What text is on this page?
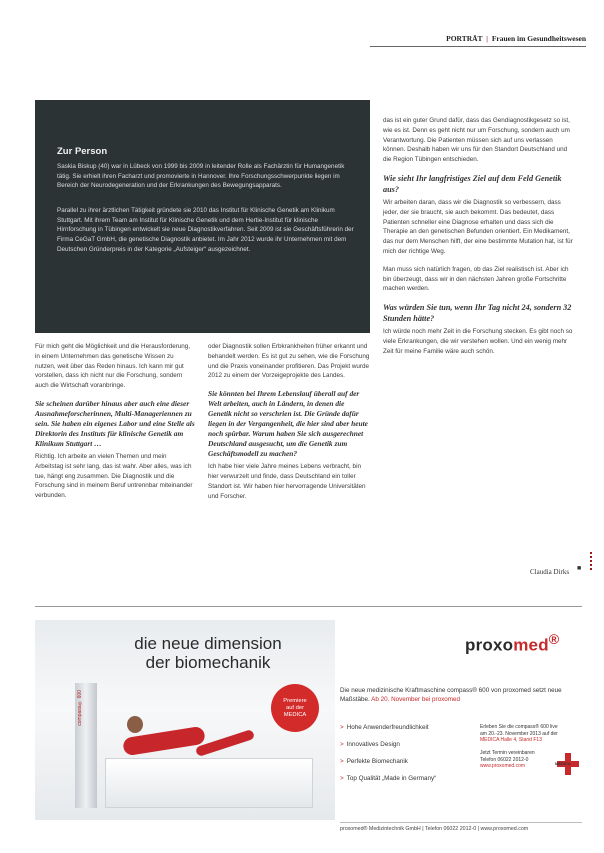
PORTRÄT | Frauen im Gesundheitswesen
Zur Person

Saskia Biskup (40) war in Lübeck von 1999 bis 2009 in leitender Rolle als Fachärztin für Humangenetik tätig. Sie erhielt ihren Facharzt und promovierte in Hannover. Ihre Forschungsschwerpunkte liegen im Bereich der Neurodegeneration und der Erkrankungen des Bewegungsapparats.

Parallel zu ihrer ärztlichen Tätigkeit gründete sie 2010 das Institut für Klinische Genetik am Klinikum Stuttgart. Mit ihrem Team am Institut für Klinische Genetik und dem Hertie-Institut für klinische Hirnforschung in Tübingen entwickelt sie neue Diagnostikverfahren. Seit 2009 ist sie Geschäftsführerin der Firma CeGaT GmbH, die genetische Diagnostik anbietet. Im Jahr 2012 wurde ihr Unternehmen mit dem Deutschen Gründerpreis in der Kategorie „Aufsteiger“ ausgezeichnet.

Für mich geht die Möglichkeit und die Herausforderung, in einem Unternehmen das genetische Wissen zu nutzen, weit über das Reden hinaus. Ich kann mir gut vorstellen, dass ich nicht nur die Forschung, sondern auch die Wirtschaft voranbringe.

Sie scheinen darüber hinaus aber auch eine dieser Ausnahmeforscherinnen, Multi-Manageriennen zu sein. Sie haben ein eigenes Labor und eine Stelle als Direktorin des Instituts für klinische Genetik am Klinikum Stuttgart …

Richtig. Ich arbeite an vielen Themen und mein Arbeitstag ist sehr lang, das ist wahr. Aber alles, was ich tue, hängt eng zusammen. Die Diagnostik und die Forschung sind in meinem Beruf untrennbar miteinander verbunden.

oder Diagnostik sollen Erbkrankheiten früher erkannt und behandelt werden. Es ist gut zu sehen, wie die Forschung und die Praxis voneinander profitieren. Das Projekt wurde 2012 zu einem der Vorzeigeprojekte des Landes.

Sie könnten bei Ihrem Lebenslauf überall auf der Welt arbeiten, auch in Ländern, in denen die Genetik nicht so verschrien ist. Die Gründe dafür liegen in der Vergangenheit, die hier sind aber heute noch spürbar. Warum haben Sie sich ausgerechnet Deutschland ausgesucht, um die Genetik zum Geschäftsmodell zu machen?

Ich habe hier viele Jahre meines Lebens verbracht, bin hier verwurzelt und finde, dass Deutschland ein toller Standort ist. Wir haben hier hervorragende Universitäten und Forscher.

das ist ein guter Grund dafür, dass das Gendiagnostikgesetz so ist, wie es ist. Denn es geht nicht nur um Forschung, sondern auch um Verantwortung. Die Patienten müssen sich auf uns verlassen können. Deshalb haben wir uns für den Standort Deutschland und die Region Tübingen entschieden.

Wie sieht Ihr langfristiges Ziel auf dem Feld Genetik aus?

Wir arbeiten daran, dass wir die Diagnostik so verbessern, dass jeder, der sie braucht, sie auch bekommt. Das bedeutet, dass Patienten schneller eine Diagnose erhalten und dass sich die Therapie an den genetischen Befunden orientiert. Ein Medikament, das nur dem Menschen hilft, der eine bestimmte Mutation hat, ist für mich der richtige Weg.

Man muss sich natürlich fragen, ob das Ziel realistisch ist. Aber ich bin überzeugt, dass wir in den nächsten Jahren große Fortschritte machen werden.

Was würden Sie tun, wenn Ihr Tag nicht 24, sondern 32 Stunden hätte?

Ich würde noch mehr Zeit in die Forschung stecken. Es gibt noch so viele Erkrankungen, die wir verstehen wollen. Und ein wenig mehr Zeit für meine Familie wäre auch schön.

■
Claudia Dirks
die neue dimension
der biomechanik
compass® 600	Premiere
auf der
MEDICA
proxomed®
Die neue medizinische Kraftmaschine compass® 600 von proxomed setzt neue Maßstäbe. Ab 20. November bei proxomed
> Hohe Anwenderfreundlichkeit
> Innovatives Design
> Perfekte Biomechanik
> Top Qualität „Made in Germany“
Erleben Sie die compass® 600 live
am 20.-23. November 2013 auf der
MEDICA Halle 4, Stand F13
Jetzt Termin vereinbaren
Telefon 06022 2012-0
www.proxomed.com	MEDICA
proxomed® Medizintechnik GmbH | Telefon 06022 2012-0 | www.proxomed.com
